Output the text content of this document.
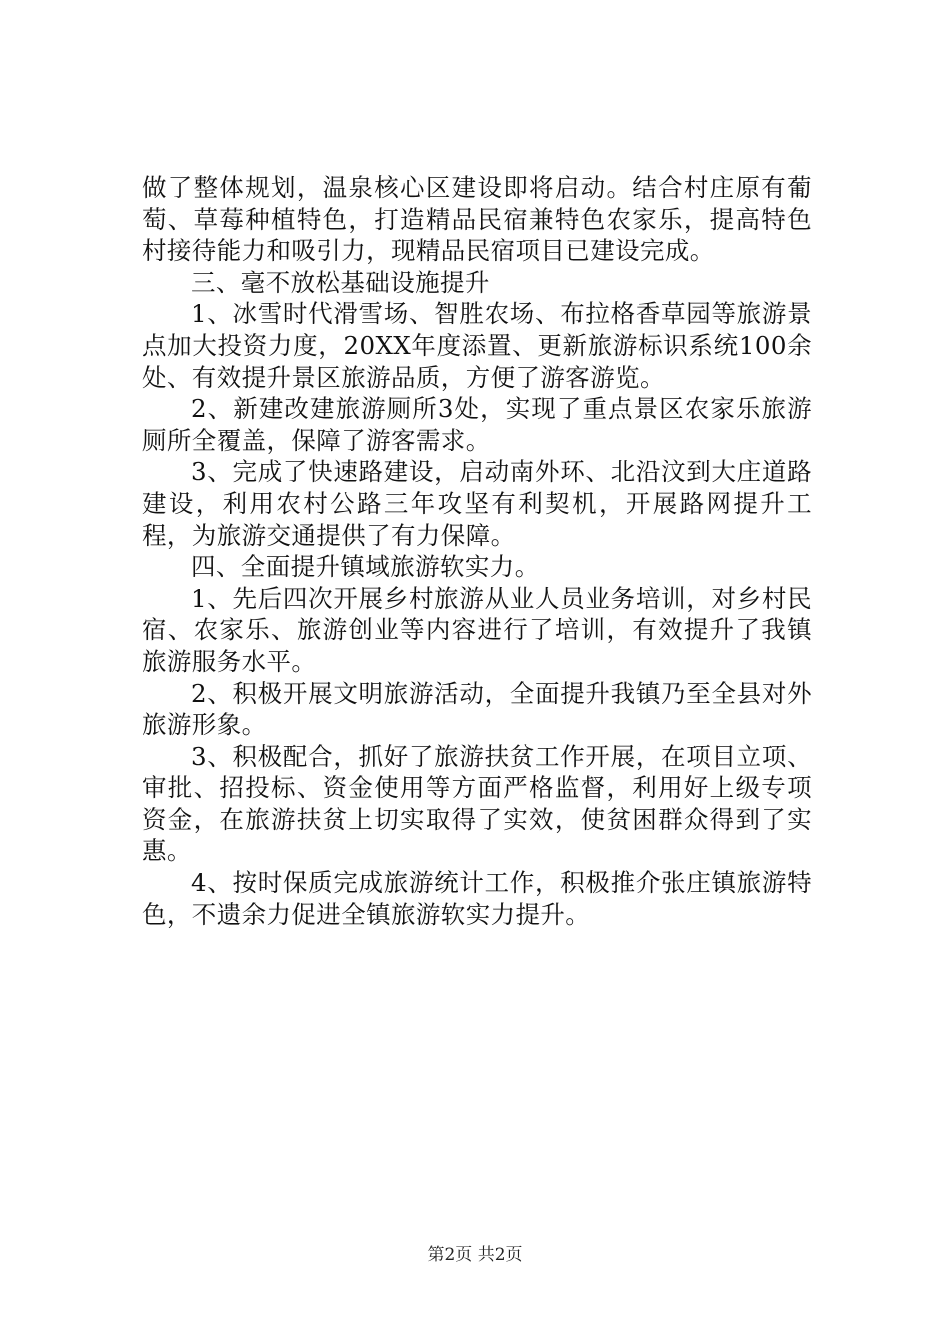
做了整体规划，温泉核心区建设即将启动。结合村庄原有葡萄、草莓种植特色，打造精品民宿兼特色农家乐，提高特色村接待能力和吸引力，现精品民宿项目已建设完成。

三、毫不放松基础设施提升

1、冰雪时代滑雪场、智胜农场、布拉格香草园等旅游景点加大投资力度，20XX年度添置、更新旅游标识系统100余处、有效提升景区旅游品质，方便了游客游览。

2、新建改建旅游厕所3处，实现了重点景区农家乐旅游厕所全覆盖，保障了游客需求。

3、完成了快速路建设，启动南外环、北沿汶到大庄道路建设，利用农村公路三年攻坚有利契机，开展路网提升工程，为旅游交通提供了有力保障。

四、全面提升镇域旅游软实力。

1、先后四次开展乡村旅游从业人员业务培训，对乡村民宿、农家乐、旅游创业等内容进行了培训，有效提升了我镇旅游服务水平。

2、积极开展文明旅游活动，全面提升我镇乃至全县对外旅游形象。

3、积极配合，抓好了旅游扶贫工作开展，在项目立项、审批、招投标、资金使用等方面严格监督，利用好上级专项资金，在旅游扶贫上切实取得了实效，使贫困群众得到了实惠。

4、按时保质完成旅游统计工作，积极推介张庄镇旅游特色，不遗余力促进全镇旅游软实力提升。

第2页 共2页
